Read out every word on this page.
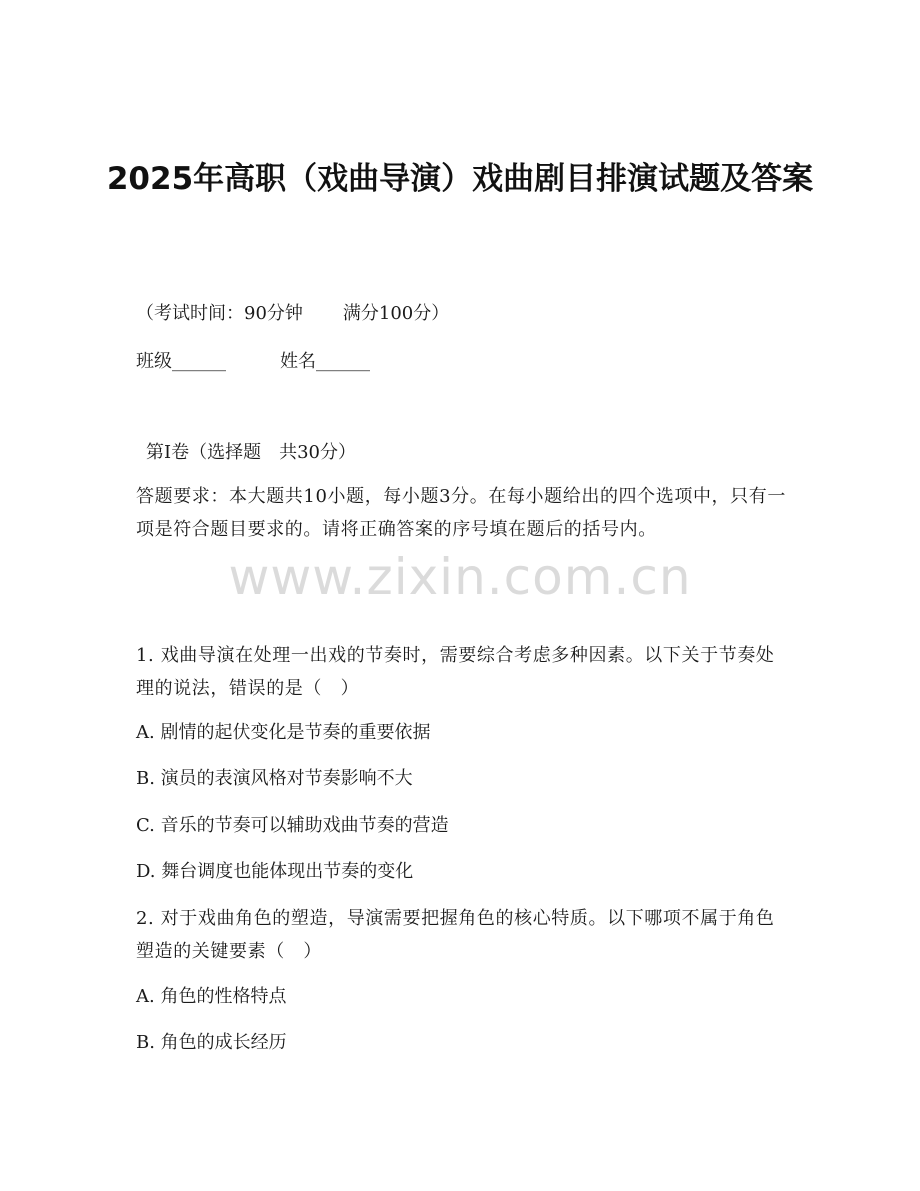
2025年高职（戏曲导演）戏曲剧目排演试题及答案
（考试时间：90分钟 满分100分）
班级______	姓名______
第Ⅰ卷（选择题　共30分）
答题要求：本大题共10小题，每小题3分。在每小题给出的四个选项中，只有一项是符合题目要求的。请将正确答案的序号填在题后的括号内。
www.zixin.com.cn
1. 戏曲导演在处理一出戏的节奏时，需要综合考虑多种因素。以下关于节奏处理的说法，错误的是（　）
A. 剧情的起伏变化是节奏的重要依据
B. 演员的表演风格对节奏影响不大
C. 音乐的节奏可以辅助戏曲节奏的营造
D. 舞台调度也能体现出节奏的变化
2. 对于戏曲角色的塑造，导演需要把握角色的核心特质。以下哪项不属于角色塑造的关键要素（　）
A. 角色的性格特点
B. 角色的成长经历
